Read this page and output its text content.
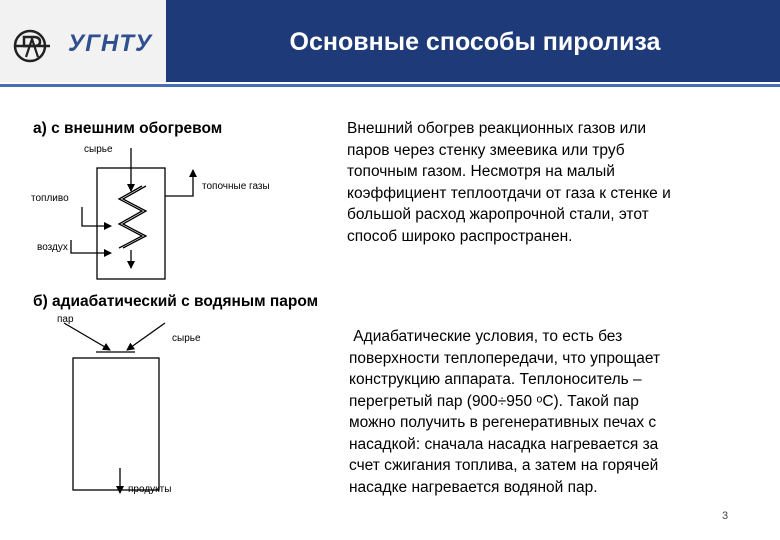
УГНТУ	Основные способы пиролиза
а) с внешним обогревом
сырье
топочные газы
топливо
воздух
Внешний обогрев реакционных газов или
паров через стенку змеевика или труб
топочным газом. Несмотря на малый
коэффициент теплоотдачи от газа к стенке и
большой расход жаропрочной стали, этот
способ широко распространен.
б) адиабатический с водяным паром
пар
сырье
продукты
Адиабатические условия, то есть без
поверхности теплопередачи, что упрощает
конструкцию аппарата. Теплоноситель –
перегретый пар (900÷950 ᵒС). Такой пар
можно получить в регенеративных печах с
насадкой: сначала насадка нагревается за
счет сжигания топлива, а затем на горячей
насадке нагревается водяной пар.
3
